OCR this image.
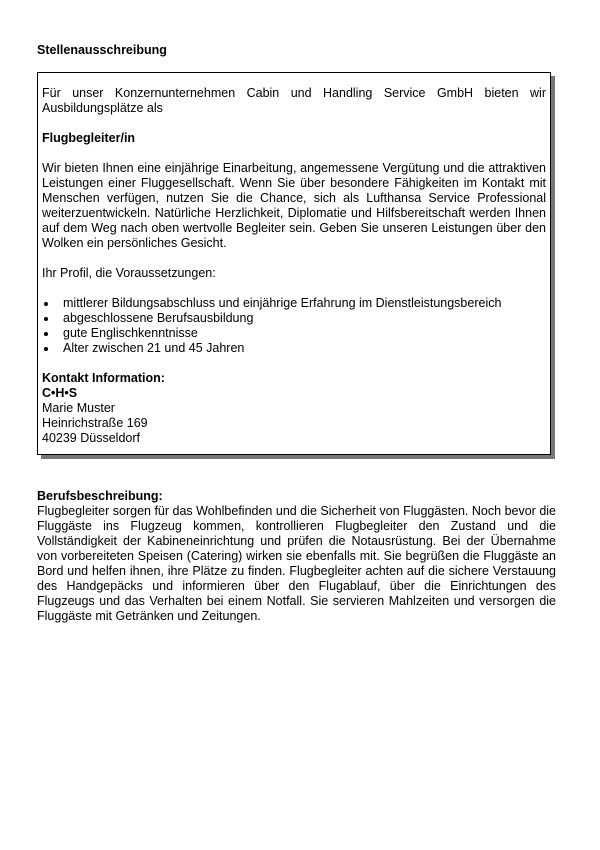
Stellenausschreibung

Für unser Konzernunternehmen Cabin und Handling Service GmbH bieten wir Ausbildungsplätze als

Flugbegleiter/in

Wir bieten Ihnen eine einjährige Einarbeitung, angemessene Vergütung und die attraktiven Leistungen einer Fluggesellschaft. Wenn Sie über besondere Fähigkeiten im Kontakt mit Menschen verfügen, nutzen Sie die Chance, sich als Lufthansa Service Professional weiterzuentwickeln. Natürliche Herzlichkeit, Diplomatie und Hilfsbereitschaft werden Ihnen auf dem Weg nach oben wertvolle Begleiter sein. Geben Sie unseren Leistungen über den Wolken ein persönliches Gesicht.

Ihr Profil, die Voraussetzungen:

mittlerer Bildungsabschluss und einjährige Erfahrung im Dienstleistungsbereich
abgeschlossene Berufsausbildung
gute Englischkenntnisse
Alter zwischen 21 und 45 Jahren

Kontakt Information:

C•H•S

Marie Muster

Heinrichstraße 169

40239 Düsseldorf

Berufsbeschreibung:

Flugbegleiter sorgen für das Wohlbefinden und die Sicherheit von Fluggästen. Noch bevor die Fluggäste ins Flugzeug kommen, kontrollieren Flugbegleiter den Zustand und die Vollständigkeit der Kabineneinrichtung und prüfen die Notausrüstung. Bei der Übernahme von vorbereiteten Speisen (Catering) wirken sie ebenfalls mit. Sie begrüßen die Fluggäste an Bord und helfen ihnen, ihre Plätze zu finden. Flugbegleiter achten auf die sichere Verstauung des Handgepäcks und informieren über den Flugablauf, über die Einrichtungen des Flugzeugs und das Verhalten bei einem Notfall. Sie servieren Mahlzeiten und versorgen die Fluggäste mit Getränken und Zeitungen.
